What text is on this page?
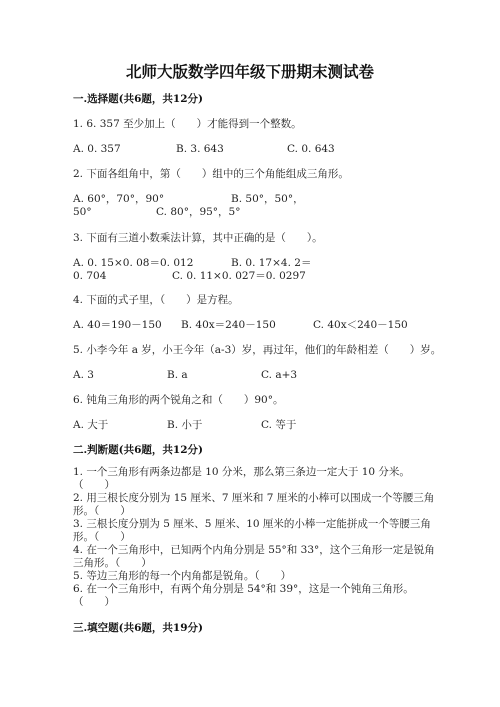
北师大版数学四年级下册期末测试卷
一.选择题(共6题，共12分)
1. 6. 357 至少加上（　　）才能得到一个整数。
A. 0. 357	B. 3. 643	C. 0. 643
2. 下面各组角中，第（　　）组中的三个角能组成三角形。
A. 60°，70°，90°	B. 50°，50°，
50°	C. 80°，95°，5°
3. 下面有三道小数乘法计算，其中正确的是（　　）。
A. 0. 15×0. 08＝0. 012	B. 0. 17×4. 2＝
0. 704	C. 0. 11×0. 027＝0. 0297
4. 下面的式子里，（　　）是方程。
A. 40＝190－150 B. 40x＝240－150	C. 40x＜240－150
5. 小李今年 a 岁，小王今年（a-3）岁，再过年，他们的年龄相差（　　）岁。
A. 3	B. a	C. a+3
6. 钝角三角形的两个锐角之和（　　）90°。
A. 大于	B. 小于	C. 等于
二.判断题(共6题，共12分)
1. 一个三角形有两条边都是 10 分米，那么第三条边一定大于 10 分米。
（　　）
2. 用三根长度分别为 15 厘米、7 厘米和 7 厘米的小棒可以围成一个等腰三角
形。（　　）
3. 三根长度分别为 5 厘米、5 厘米、10 厘米的小棒一定能拼成一个等腰三角
形。（　　）
4. 在一个三角形中，已知两个内角分别是 55°和 33°，这个三角形一定是锐角
三角形。（　　）
5. 等边三角形的每一个内角都是锐角。（　　）
6. 在一个三角形中，有两个角分别是 54°和 39°，这是一个钝角三角形。
（　　）
三.填空题(共6题，共19分)
